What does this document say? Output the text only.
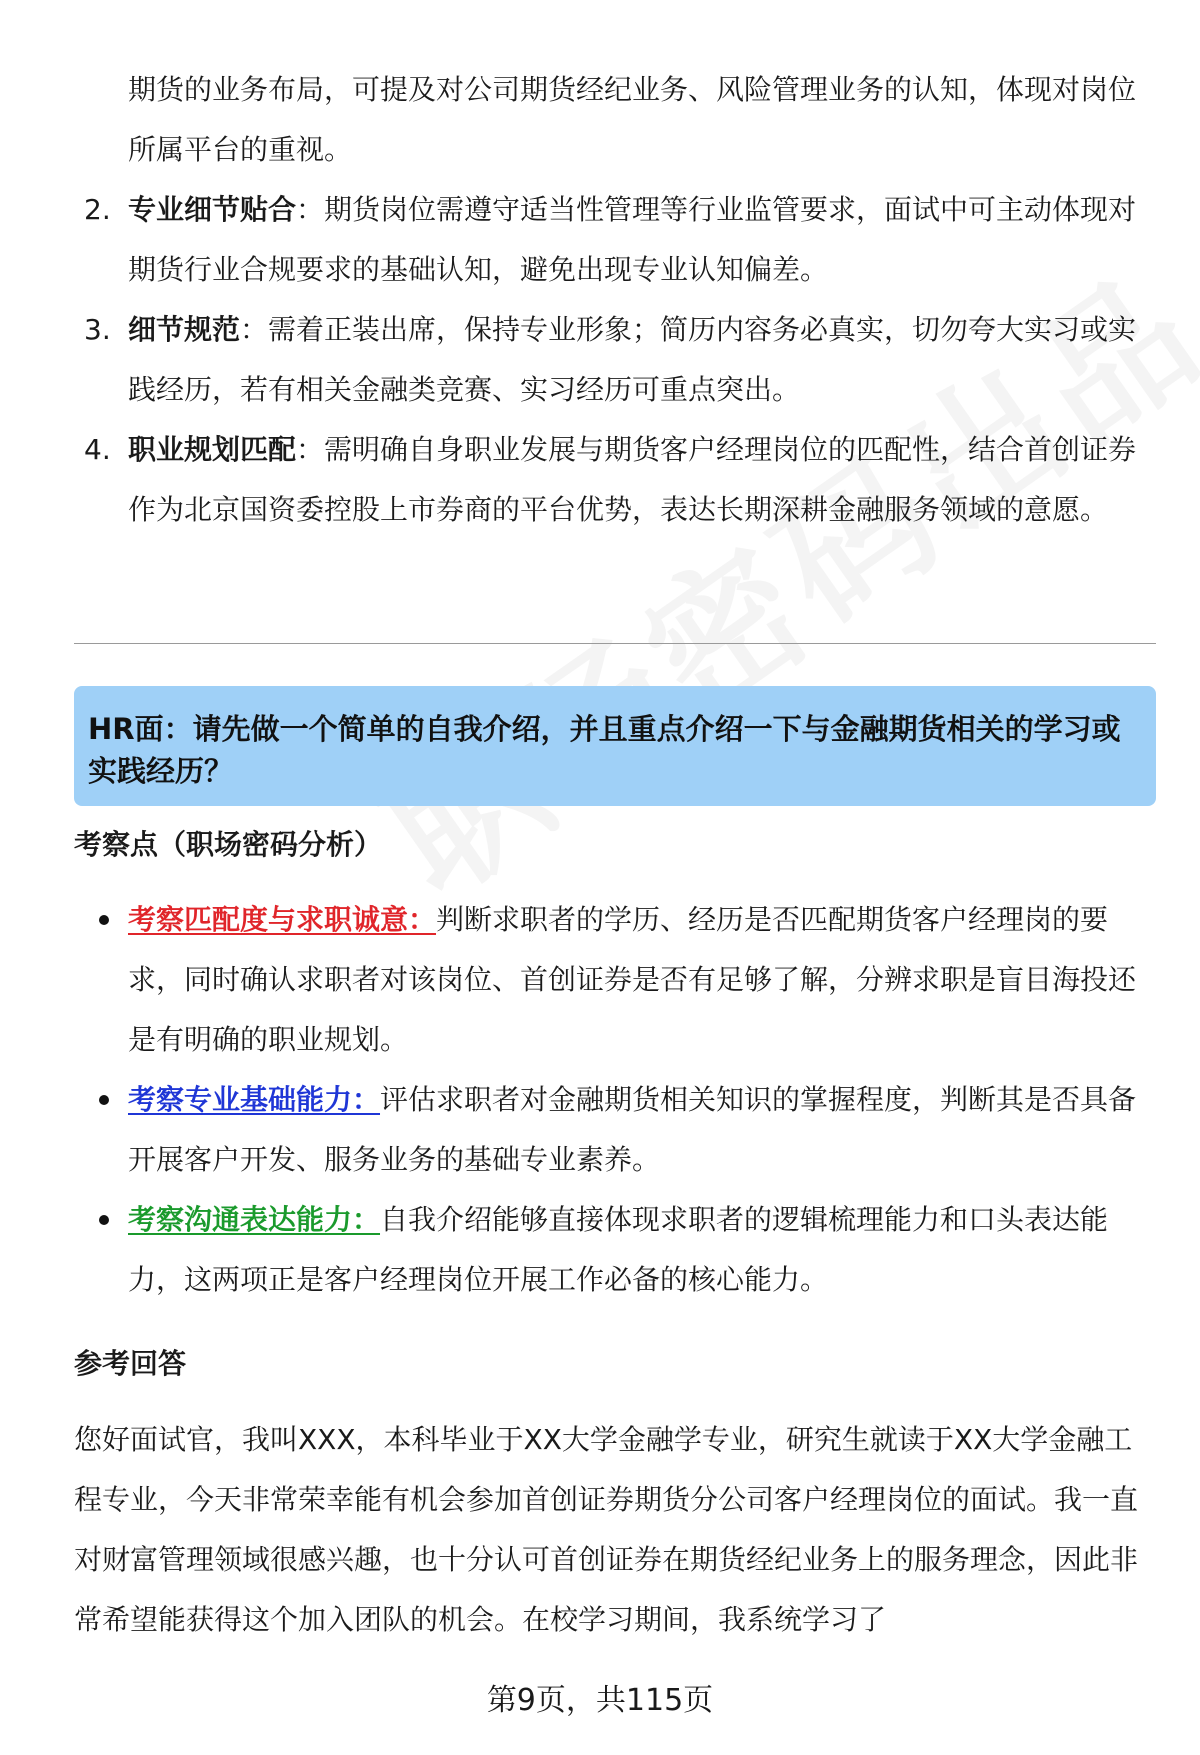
期货的业务布局，可提及对公司期货经纪业务、风险管理业务的认知，体现对岗位所属平台的重视。
2. 专业细节贴合：期货岗位需遵守适当性管理等行业监管要求，面试中可主动体现对期货行业合规要求的基础认知，避免出现专业认知偏差。
3. 细节规范：需着正装出席，保持专业形象；简历内容务必真实，切勿夸大实习或实践经历，若有相关金融类竞赛、实习经历可重点突出。
4. 职业规划匹配：需明确自身职业发展与期货客户经理岗位的匹配性，结合首创证券作为北京国资委控股上市券商的平台优势，表达长期深耕金融服务领域的意愿。
HR面：请先做一个简单的自我介绍，并且重点介绍一下与金融期货相关的学习或实践经历？
考察点（职场密码分析）
考察匹配度与求职诚意：判断求职者的学历、经历是否匹配期货客户经理岗的要求，同时确认求职者对该岗位、首创证券是否有足够了解，分辨求职是盲目海投还是有明确的职业规划。
考察专业基础能力：评估求职者对金融期货相关知识的掌握程度，判断其是否具备开展客户开发、服务业务的基础专业素养。
考察沟通表达能力：自我介绍能够直接体现求职者的逻辑梳理能力和口头表达能力，这两项正是客户经理岗位开展工作必备的核心能力。
参考回答
您好面试官，我叫XXX，本科毕业于XX大学金融学专业，研究生就读于XX大学金融工程专业，今天非常荣幸能有机会参加首创证券期货分公司客户经理岗位的面试。我一直对财富管理领域很感兴趣，也十分认可首创证券在期货经纪业务上的服务理念，因此非常希望能获得这个加入团队的机会。在校学习期间，我系统学习了
第9页，共115页
